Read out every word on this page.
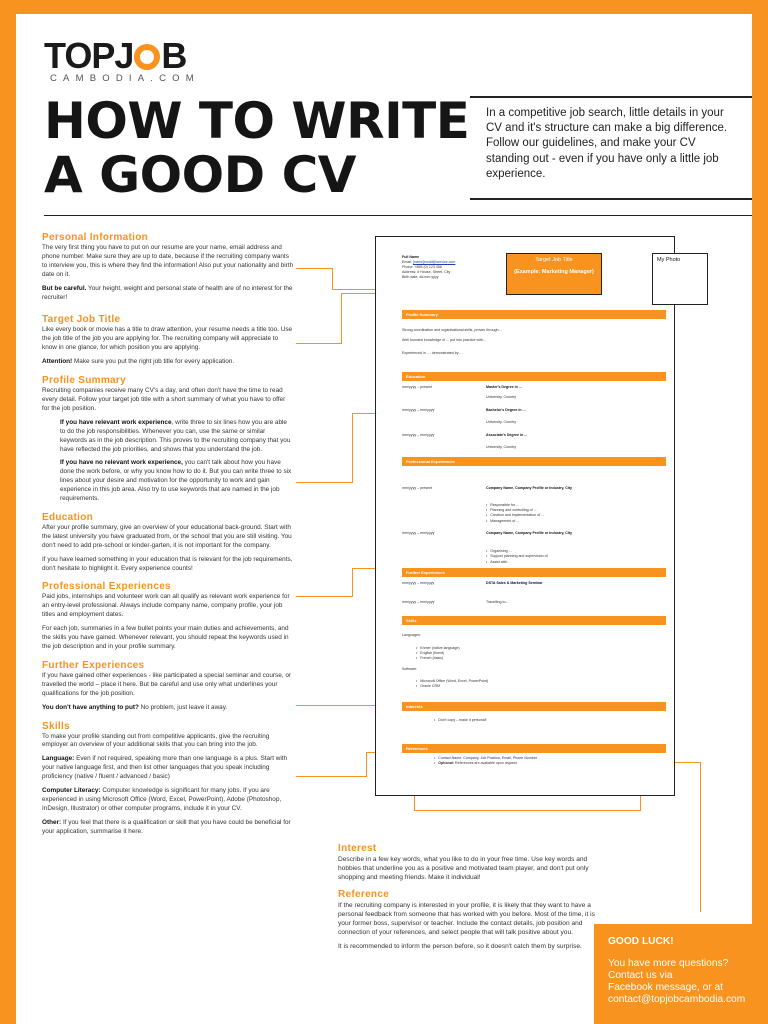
TOPJ B
CAMBODIA.COM
HOW TO WRITE
A GOOD CV
In a competitive job search, little details in your CV and it's structure can make a big difference. Follow our guidelines, and make your CV standing out - even if you have only a little job experience.
Personal Information
The very first thing you have to put on our resume are your name, email address and phone number. Make sure they are up to date, because if the recruiting company wants to interview you, this is where they find the information! Also put your nationality and birth date on it.
But be careful. Your height, weight and personal state of health are of no interest for the recruiter!
Target Job Title
Like every book or movie has a title to draw attention, your resume needs a title too. Use the job title of the job you are applying for. The recruiting company will appreciate to know in one glance, for which position you are applying.
Attention! Make sure you put the right job title for every application.
Profile Summary
Recruiting companies receive many CV's a day, and often don't have the time to read every detail. Follow your target job title with a short summary of what you have to offer for the job position.
If you have relevant work experience, write three to six lines how you are able to do the job responsibilities. Whenever you can, use the same or similar keywords as in the job description. This proves to the recruiting company that you have reflected the job priorities, and shows that you understand the job.
If you have no relevant work experience, you can't talk about how you have done the work before, or why you know how to do it. But you can write three to six lines about your desire and motivation for the opportunity to work and gain experience in this job area. Also try to use keywords that are named in the job requirements.
Education
After your profile summary, give an overview of your educational back-ground. Start with the latest university you have graduated from, or the school that you are still visiting. You don't need to add pre-school or kinder-garten, it is not important for the company.
If you have learned something in your education that is relevant for the job requirements, don't hesitate to highlight it. Every experience counts!
Professional Experiences
Paid jobs, internships and volunteer work can all qualify as relevant work experience for an entry-level professional. Always include company name, company profile, your job titles and employment dates.
For each job, summaries in a few bullet points your main duties and achievements, and the skills you have gained. Whenever relevant, you should repeat the keywords used in the job description and in your profile summary.
Further Experiences
If you have gained other experiences - like participated a special seminar and course, or travelled the world – place it here. But be careful and use only what underlines your qualifications for the job position.
You don't have anything to put? No problem, just leave it away.
Skills
To make your profile standing out from competitive applicants, give the recruiting employer an overview of your additional skills that you can bring into the job.
Language: Even if not required, speaking more than one language is a plus. Start with your native language first, and then list other languages that you speak including proficiency (native / fluent / advanced / basic)
Computer Literacy: Computer knowledge is significant for many jobs. If you are experienced in using Microsoft Office (Word, Excel, PowerPoint), Adobe (Photoshop, InDesign, Illustrator) or other computer programs, include it in your CV.
Other: If you feel that there is a qualification or skill that you have could be beneficial for your application, summarise it here.
Full Name
Email: [name]email@service.com
Phone: +855 (0) 123 456
Address: # House, Street, City
Birth date: dd.mm.yyyy
Target Job Title
(Example: Marketing Manager)
My Photo
Profile Summary
Strong coordination and organisational skills, proven through...
Well founded knowledge of ... put into practice with...
Experienced in .... demonstrated by ...
Education
mm/yyyy – present	Master's Degree in ...
University, Country
mm/yyyy – mm/yyyy	Bachelor's Degree in ...
University, Country
mm/yyyy – mm/yyyy	Associate's Degree in ...
University, Country
Professional Experiences
mm/yyyy – present	Company Name, Company Profile or Industry, City
•   Responsible for ...
•   Planning and controlling of ...
•   Creation and implementation of ...
•   Management of ...
mm/yyyy – mm/yyyy	Company Name, Company Profile or Industry, City
•   Organising ...
•   Support planning and supervision of
•   Assist with...
Further Experiences
mm/yyyy – mm/yyyy	DSTA Sales & Marketing Seminar
mm/yyyy – mm/yyyy	Travelling to...
Skills
Languages:
•   Khmer (native language)
•   English (fluent)
•   French (basic)
Software:
•   Microsoft Office (Word, Excel, PowerPoint)
•   Oracle CRM
Interests
•   Don't copy – make it personal!
References
•   Contact Name, Company, Job Position, Email, Phone Number
•   Optional: References are available upon request
Interest
Describe in a few key words, what you like to do in your free time. Use key words and hobbies that underline you as a positive and motivated team player, and don't put only shopping and meeting friends. Make it individual!
Reference
If the recruiting company is interested in your profile, it is likely that they want to have a personal feedback from someone that has worked with you before. Most of the time, it is your former boss, supervisor or teacher. Include the contact details, job position and connection of your references, and select people that will talk positive about you.
It is recommended to inform the person before, so it doesn't catch them by surprise.	GOOD LUCK!
You have more questions?
Contact us via
Facebook message, or at
contact@topjobcambodia.com
